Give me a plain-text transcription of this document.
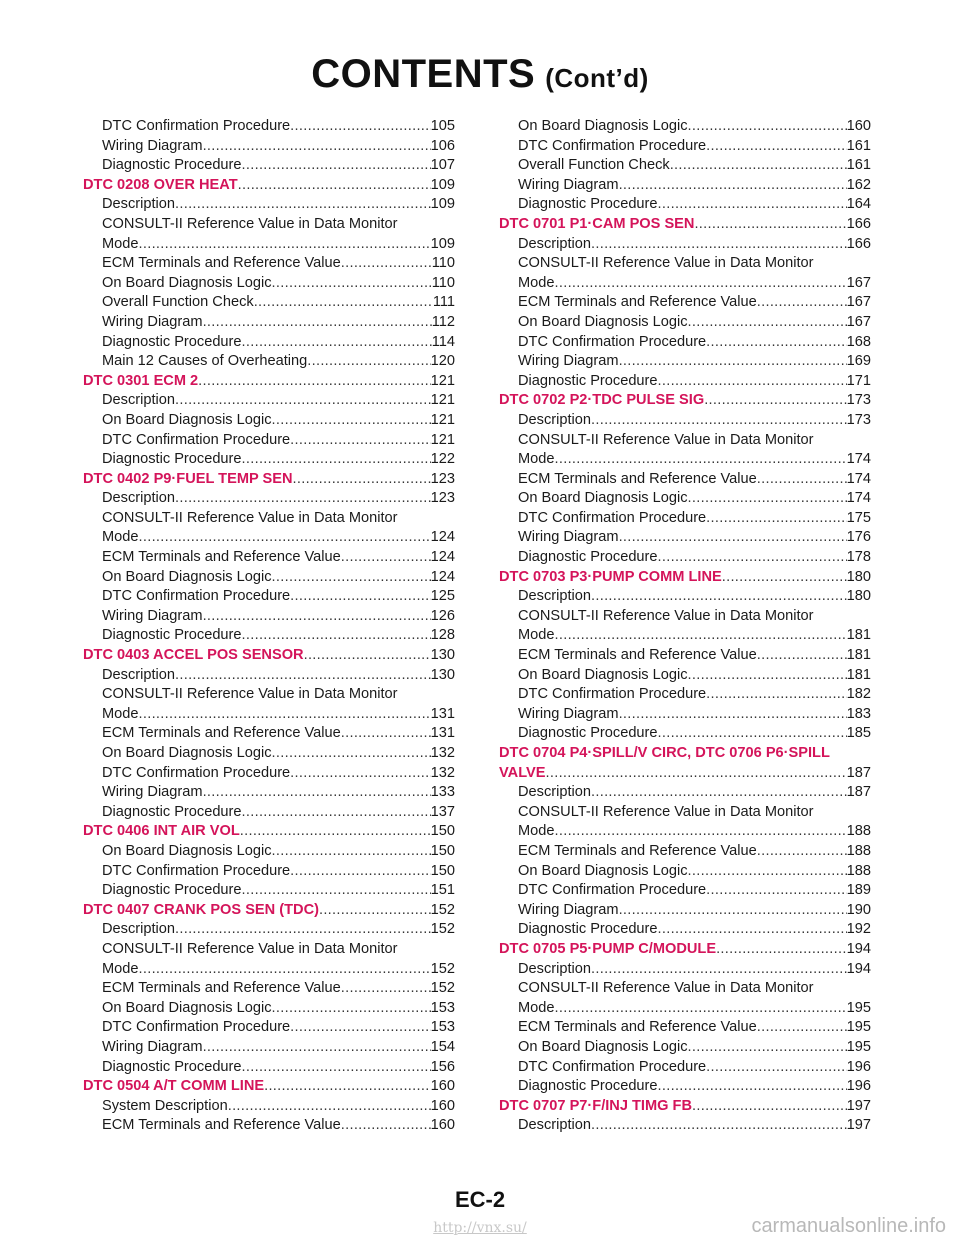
CONTENTS (Cont’d)
DTC Confirmation Procedure .....	105
Wiring Diagram .....	106
Diagnostic Procedure .....	107
DTC 0208 OVER HEAT .....	109
Description .....	109
CONSULT-II Reference Value in Data Monitor
Mode .....	109
ECM Terminals and Reference Value .....	110
On Board Diagnosis Logic .....	110
Overall Function Check .....	111
Wiring Diagram .....	112
Diagnostic Procedure .....	114
Main 12 Causes of Overheating .....	120
DTC 0301 ECM 2 .....	121
Description .....	121
On Board Diagnosis Logic .....	121
DTC Confirmation Procedure .....	121
Diagnostic Procedure .....	122
DTC 0402 P9·FUEL TEMP SEN .....	123
Description .....	123
CONSULT-II Reference Value in Data Monitor
Mode .....	124
ECM Terminals and Reference Value .....	124
On Board Diagnosis Logic .....	124
DTC Confirmation Procedure .....	125
Wiring Diagram .....	126
Diagnostic Procedure .....	128
DTC 0403 ACCEL POS SENSOR .....	130
Description .....	130
CONSULT-II Reference Value in Data Monitor
Mode .....	131
ECM Terminals and Reference Value .....	131
On Board Diagnosis Logic .....	132
DTC Confirmation Procedure .....	132
Wiring Diagram .....	133
Diagnostic Procedure .....	137
DTC 0406 INT AIR VOL .....	150
On Board Diagnosis Logic .....	150
DTC Confirmation Procedure .....	150
Diagnostic Procedure .....	151
DTC 0407 CRANK POS SEN (TDC) .....	152
Description .....	152
CONSULT-II Reference Value in Data Monitor
Mode .....	152
ECM Terminals and Reference Value .....	152
On Board Diagnosis Logic .....	153
DTC Confirmation Procedure .....	153
Wiring Diagram .....	154
Diagnostic Procedure .....	156
DTC 0504 A/T COMM LINE .....	160
System Description .....	160
ECM Terminals and Reference Value .....	160
On Board Diagnosis Logic .....	160
DTC Confirmation Procedure .....	161
Overall Function Check .....	161
Wiring Diagram .....	162
Diagnostic Procedure .....	164
DTC 0701 P1·CAM POS SEN .....	166
Description .....	166
CONSULT-II Reference Value in Data Monitor
Mode .....	167
ECM Terminals and Reference Value .....	167
On Board Diagnosis Logic .....	167
DTC Confirmation Procedure .....	168
Wiring Diagram .....	169
Diagnostic Procedure .....	171
DTC 0702 P2·TDC PULSE SIG .....	173
Description .....	173
CONSULT-II Reference Value in Data Monitor
Mode .....	174
ECM Terminals and Reference Value .....	174
On Board Diagnosis Logic .....	174
DTC Confirmation Procedure .....	175
Wiring Diagram .....	176
Diagnostic Procedure .....	178
DTC 0703 P3·PUMP COMM LINE .....	180
Description .....	180
CONSULT-II Reference Value in Data Monitor
Mode .....	181
ECM Terminals and Reference Value .....	181
On Board Diagnosis Logic .....	181
DTC Confirmation Procedure .....	182
Wiring Diagram .....	183
Diagnostic Procedure .....	185
DTC 0704 P4·SPILL/V CIRC, DTC 0706 P6·SPILL
VALVE .....	187
Description .....	187
CONSULT-II Reference Value in Data Monitor
Mode .....	188
ECM Terminals and Reference Value .....	188
On Board Diagnosis Logic .....	188
DTC Confirmation Procedure .....	189
Wiring Diagram .....	190
Diagnostic Procedure .....	192
DTC 0705 P5·PUMP C/MODULE .....	194
Description .....	194
CONSULT-II Reference Value in Data Monitor
Mode .....	195
ECM Terminals and Reference Value .....	195
On Board Diagnosis Logic .....	195
DTC Confirmation Procedure .....	196
Diagnostic Procedure .....	196
DTC 0707 P7·F/INJ TIMG FB .....	197
Description .....	197
EC-2
http://vnx.su/	carmanualsonline.info
